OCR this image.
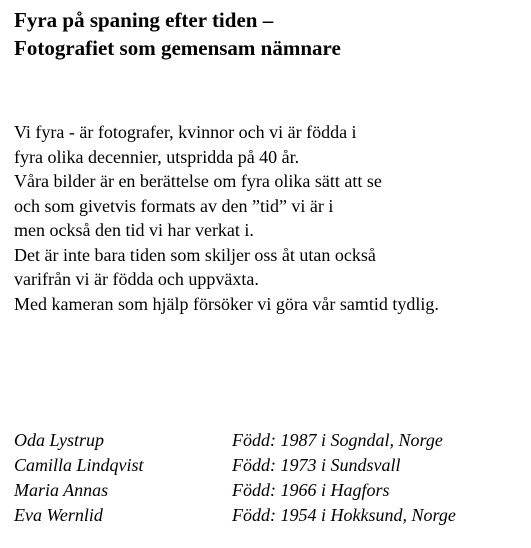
Fyra på spaning efter tiden –
Fotografiet som gemensam nämnare

Vi fyra - är fotografer, kvinnor och vi är födda i
fyra olika decennier, utspridda på 40 år.
Våra bilder är en berättelse om fyra olika sätt att se
och som givetvis formats av den ”tid” vi är i
men också den tid vi har verkat i.
Det är inte bara tiden som skiljer oss åt utan också
varifrån vi är födda och uppväxta.
Med kameran som hjälp försöker vi göra vår samtid tydlig.

Oda Lystrup	Född: 1987 i Sogndal, Norge
Camilla Lindqvist	Född: 1973 i Sundsvall
Maria Annas	Född: 1966 i Hagfors
Eva Wernlid	Född: 1954 i Hokksund, Norge
